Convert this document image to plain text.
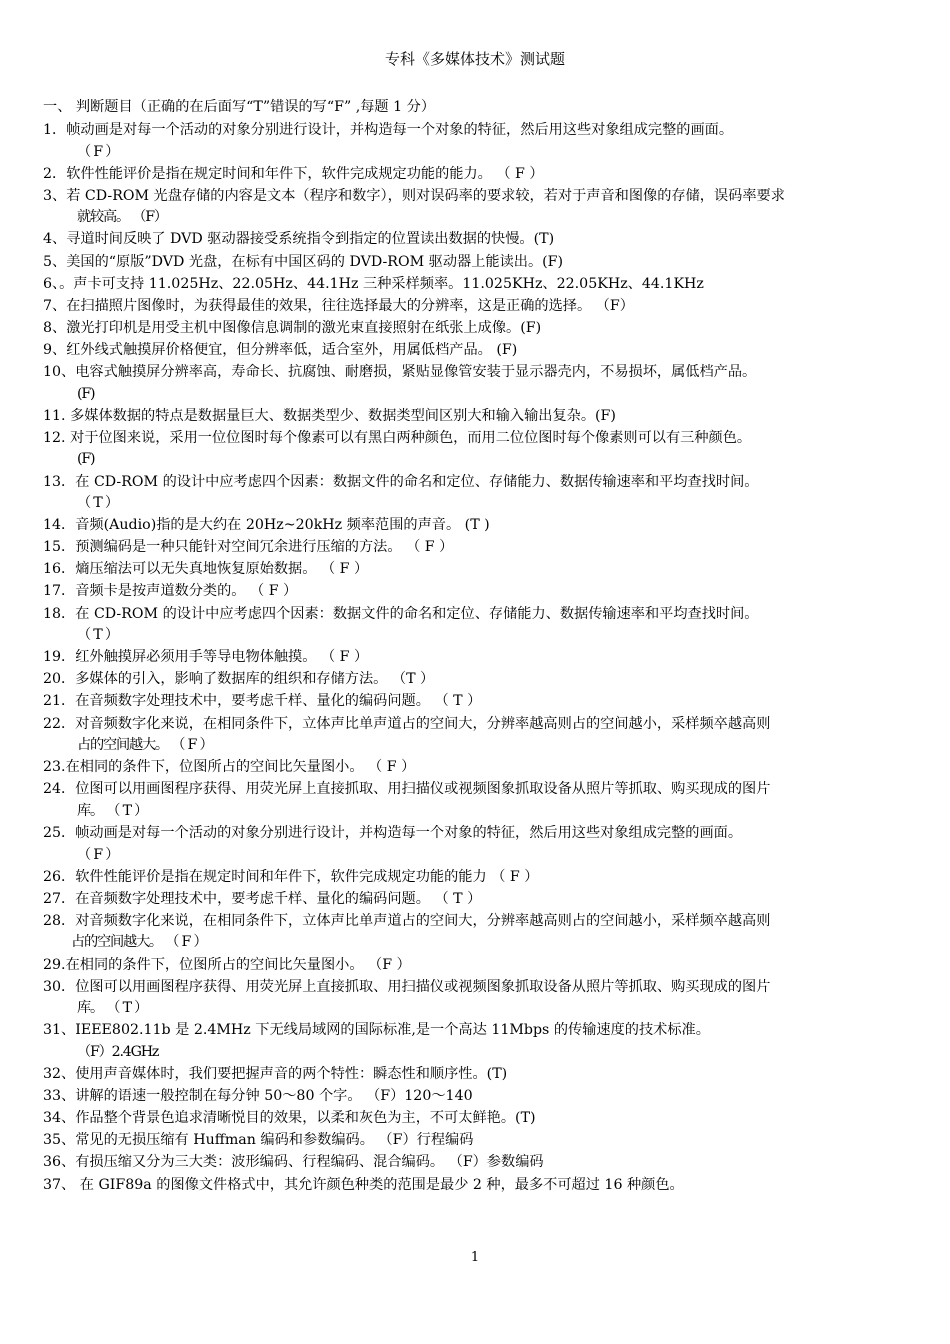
专科《多媒体技术》测试题
一、 判断题目（正确的在后面写“T”错误的写“F” ,每题 1 分）
1．帧动画是对每一个活动的对象分别进行设计，并构造每一个对象的特征，然后用这些对象组成完整的画面。
（ F ）
2．软件性能评价是指在规定时间和年件下，软件完成规定功能的能力。 （ F ）
3、若 CD-ROM 光盘存储的内容是文本（程序和数字），则对误码率的要求较，若对于声音和图像的存储，误码率要求
就较高。 （F）
4、寻道时间反映了 DVD 驱动器接受系统指令到指定的位置读出数据的快慢。(T)
5、美国的“原版”DVD 光盘，在标有中国区码的 DVD-ROM 驱动器上能读出。(F)
6、。声卡可支持 11.025Hz、22.05Hz、44.1Hz 三种采样频率。11.025KHz、22.05KHz、44.1KHz
7、在扫描照片图像时，为获得最佳的效果，往往选择最大的分辨率，这是正确的选择。 （F）
8、激光打印机是用受主机中图像信息调制的激光束直接照射在纸张上成像。(F)
9、红外线式触摸屏价格便宜，但分辨率低，适合室外，用属低档产品。 (F)
10、电容式触摸屏分辨率高，寿命长、抗腐蚀、耐磨损，紧贴显像管安装于显示器壳内，不易损坏，属低档产品。
(F)
11. 多媒体数据的特点是数据量巨大、数据类型少、数据类型间区别大和输入输出复杂。(F)
12. 对于位图来说，采用一位位图时每个像素可以有黑白两种颜色，而用二位位图时每个像素则可以有三种颜色。
(F)
13．在 CD-ROM 的设计中应考虑四个因素：数据文件的命名和定位、存储能力、数据传输速率和平均查找时间。
（ T ）
14．音频(Audio)指的是大约在 20Hz~20kHz 频率范围的声音。 (T )
15．预测编码是一种只能针对空间冗余进行压缩的方法。 （ F ）
16．熵压缩法可以无失真地恢复原始数据。 （ F ）
17．音频卡是按声道数分类的。 （ F ）
18．在 CD-ROM 的设计中应考虑四个因素：数据文件的命名和定位、存储能力、数据传输速率和平均查找时间。
（ T ）
19．红外触摸屏必须用手等导电物体触摸。 （ F ）
20．多媒体的引入，影响了数据库的组织和存储方法。 （T ）
21．在音频数字处理技术中，要考虑千样、量化的编码问题。 （ T ）
22．对音频数字化来说，在相同条件下，立体声比单声道占的空间大，分辨率越高则占的空间越小，采样频卒越高则
占的空间越大。 （ F ）
23.在相同的条件下，位图所占的空间比矢量图小。 （ F ）
24．位图可以用画图程序获得、用荧光屏上直接抓取、用扫描仪或视频图象抓取设备从照片等抓取、购买现成的图片
库。 （ T ）
25．帧动画是对每一个活动的对象分别进行设计，并构造每一个对象的特征，然后用这些对象组成完整的画面。
（ F ）
26．软件性能评价是指在规定时间和年件下，软件完成规定功能的能力 （ F ）
27．在音频数字处理技术中，要考虑千样、量化的编码问题。 （ T ）
28．对音频数字化来说，在相同条件下，立体声比单声道占的空间大，分辨率越高则占的空间越小，采样频卒越高则
占的空间越大。 （ F ）
29.在相同的条件下，位图所占的空间比矢量图小。 （F ）
30．位图可以用画图程序获得、用荧光屏上直接抓取、用扫描仪或视频图象抓取设备从照片等抓取、购买现成的图片
库。 （ T ）
31、IEEE802.11b 是 2.4MHz 下无线局域网的国际标准,是一个高达 11Mbps 的传输速度的技术标准。
（F）2.4GHz
32、使用声音媒体时，我们要把握声音的两个特性：瞬态性和顺序性。(T)
33、讲解的语速一般控制在每分钟 50～80 个字。 （F）120～140
34、作品整个背景色追求清晰悦目的效果，以柔和灰色为主，不可太鲜艳。(T)
35、常见的无损压缩有 Huffman 编码和参数编码。 （F）行程编码
36、有损压缩又分为三大类：波形编码、行程编码、混合编码。 （F）参数编码
37、 在 GIF89a 的图像文件格式中，其允许颜色种类的范围是最少 2 种，最多不可超过 16 种颜色。
1
